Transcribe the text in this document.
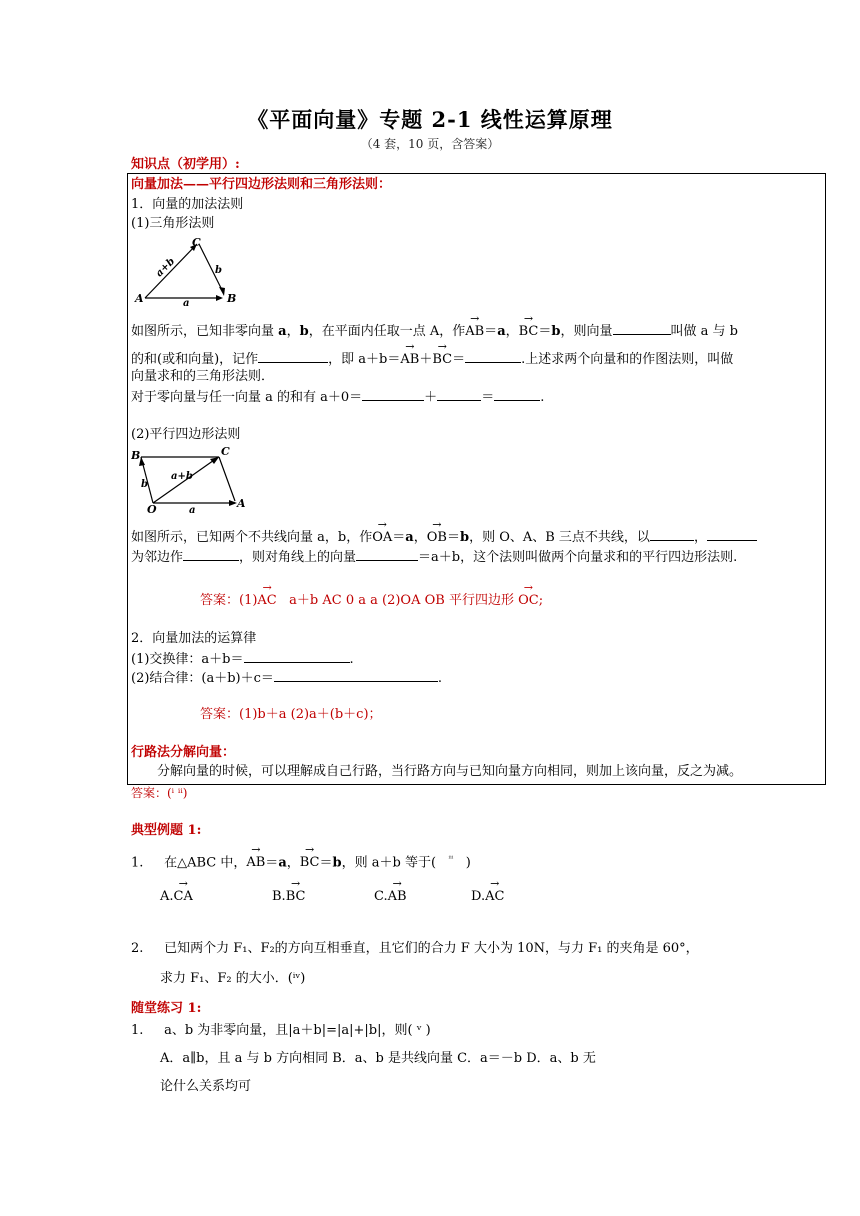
《平面向量》专题 2-1 线性运算原理
（4 套，10 页，含答案）
知识点（初学用）:
向量加法——平行四边形法则和三角形法则：
1．向量的加法法则
(1)三角形法则
C
A	B
a
b
a+b
如图所示，已知非零向量 a，b，在平面内任取一点 A，作→ AB＝a，→ BC＝b，则向量	叫做 a 与 b
的和(或和向量)，记作	，即 a＋b＝→ AB＋→ BC＝	.上述求两个向量和的作图法则，叫做
向量求和的三角形法则．
对于零向量与任一向量 a 的和有 a＋0＝	＋	＝	.
(2)平行四边形法则
B	C
O	A
a
b
a+b
如图所示，已知两个不共线向量 a，b，作→ OA＝a，→ OB＝b，则 O、A、B 三点不共线，以	，
为邻边作	，则对角线上的向量	＝a＋b，这个法则叫做两个向量求和的平行四边形法则.
答案：(1)→ AC a＋b AC 0 a a (2)OA OB 平行四边形 → OC;
2．向量加法的运算律
(1)交换律：a＋b＝	.
(2)结合律：(a＋b)＋c＝	.
答案：(1)b＋a (2)a＋(b＋c)；
行路法分解向量：
分解向量的时候，可以理解成自己行路，当行路方向与已知向量方向相同，则加上该向量，反之为减。
答案：(ⁱ ⁱⁱ)
典型例题 1:
1. 在△ABC 中，→ AB＝a，→ BC＝b，则 a＋b 等于( $^{^{iii}}$ )
A.→ CA	B.→ BC	C.→ AB	D.→ AC
2. 已知两个力 F₁、F₂的方向互相垂直，且它们的合力 F 大小为 10N，与力 F₁ 的夹角是 60°，
求力 F₁、F₂ 的大小．(ⁱᵛ)
随堂练习 1:
1. a、b 为非零向量，且|a＋b|=|a|+|b|，则( ᵛ )
A．a∥b，且 a 与 b 方向相同 B．a、b 是共线向量 C．a＝－b D．a、b 无
论什么关系均可
